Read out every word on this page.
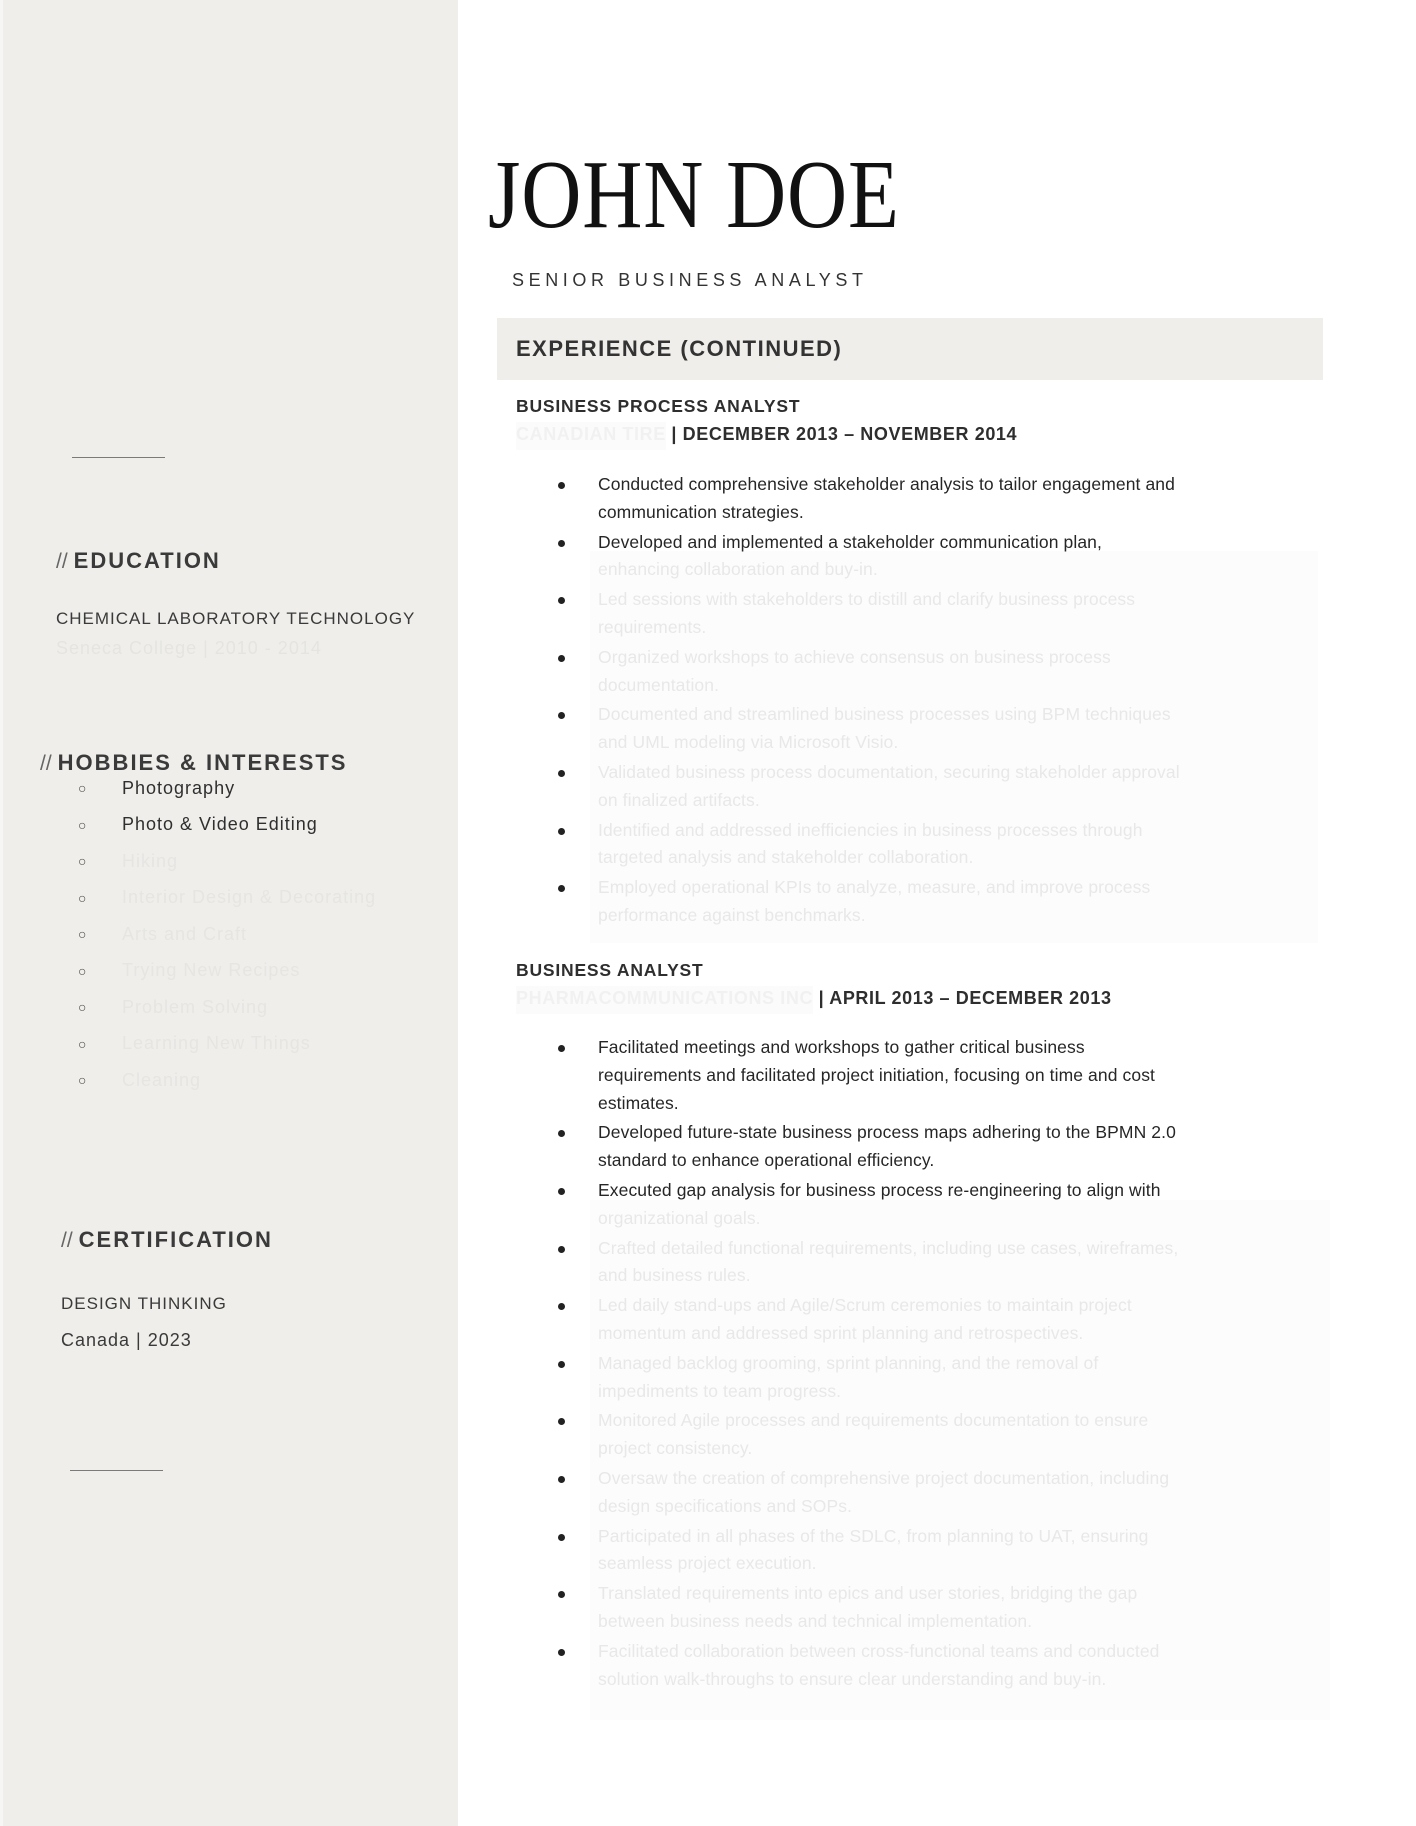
// EDUCATION
CHEMICAL LABORATORY TECHNOLOGY
Seneca College | 2010 - 2014
// HOBBIES & INTERESTS
○	Photography
○	Photo & Video Editing
○	Hiking
○	Interior Design & Decorating
○	Arts and Craft
○	Trying New Recipes
○	Problem Solving
○	Learning New Things
○	Cleaning
// CERTIFICATION
DESIGN THINKING
Canada | 2023
JOHN DOE
SENIOR BUSINESS ANALYST
EXPERIENCE (CONTINUED)
BUSINESS PROCESS ANALYST
CANADIAN TIRE | DECEMBER 2013 – NOVEMBER 2014
Conducted comprehensive stakeholder analysis to tailor engagement and
communication strategies.
Developed and implemented a stakeholder communication plan,
enhancing collaboration and buy-in.
Led sessions with stakeholders to distill and clarify business process
requirements.
Organized workshops to achieve consensus on business process
documentation.
Documented and streamlined business processes using BPM techniques
and UML modeling via Microsoft Visio.
Validated business process documentation, securing stakeholder approval
on finalized artifacts.
Identified and addressed inefficiencies in business processes through
targeted analysis and stakeholder collaboration.
Employed operational KPIs to analyze, measure, and improve process
performance against benchmarks.
BUSINESS ANALYST
PHARMACOMMUNICATIONS INC | APRIL 2013 – DECEMBER 2013
Facilitated meetings and workshops to gather critical business
requirements and facilitated project initiation, focusing on time and cost
estimates.
Developed future-state business process maps adhering to the BPMN 2.0
standard to enhance operational efficiency.
Executed gap analysis for business process re-engineering to align with
organizational goals.
Crafted detailed functional requirements, including use cases, wireframes,
and business rules.
Led daily stand-ups and Agile/Scrum ceremonies to maintain project
momentum and addressed sprint planning and retrospectives.
Managed backlog grooming, sprint planning, and the removal of
impediments to team progress.
Monitored Agile processes and requirements documentation to ensure
project consistency.
Oversaw the creation of comprehensive project documentation, including
design specifications and SOPs.
Participated in all phases of the SDLC, from planning to UAT, ensuring
seamless project execution.
Translated requirements into epics and user stories, bridging the gap
between business needs and technical implementation.
Facilitated collaboration between cross-functional teams and conducted
solution walk-throughs to ensure clear understanding and buy-in.
